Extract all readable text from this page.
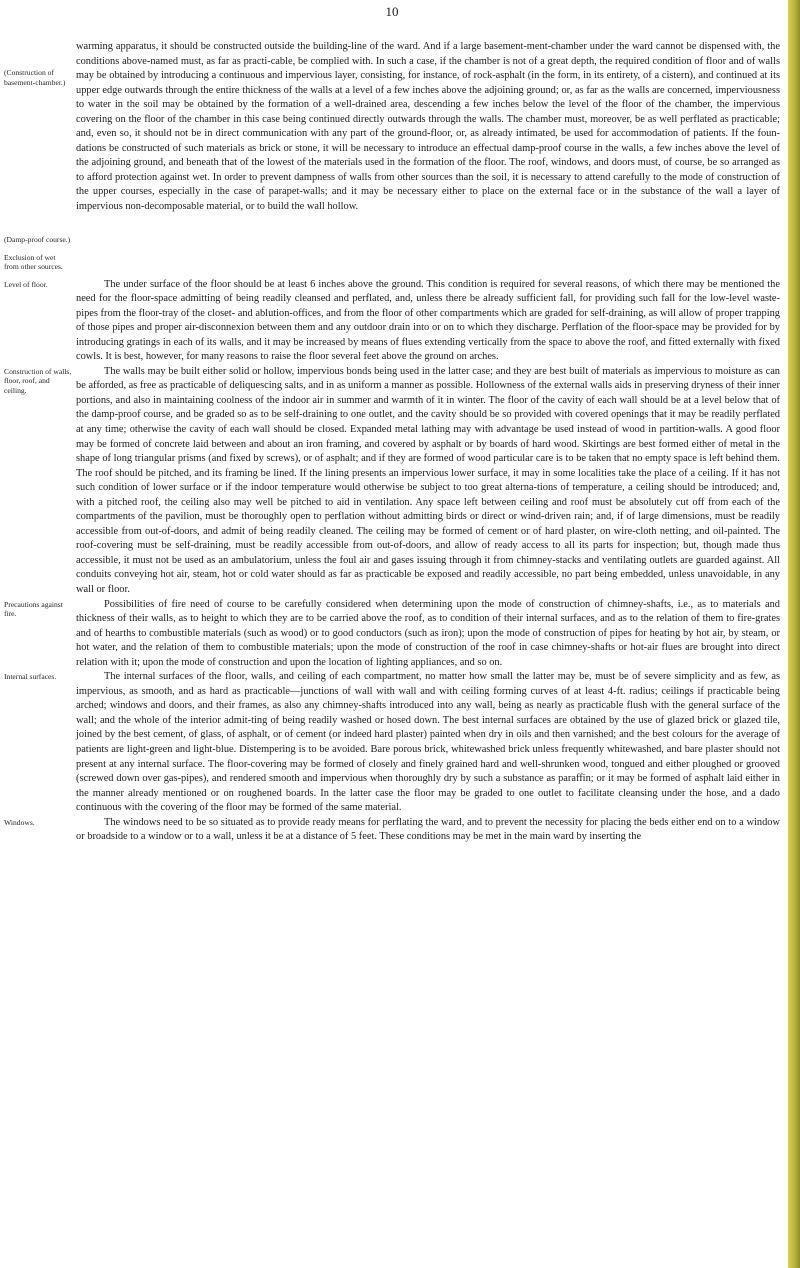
10
(Construction of basement-chamber.)
(Damp-proof course.)
Exclusion of wet from other sources.

warming apparatus, it should be constructed outside the building-line of the ward. And if a large basement-ment-chamber under the ward cannot be dispensed with, the conditions above-named must, as far as practi-cable, be complied with. In such a case, if the chamber is not of a great depth, the required condition of floor and of walls may be obtained by introducing a continuous and impervious layer, consisting, for instance, of rock-asphalt (in the form, in its entirety, of a cistern), and continued at its upper edge outwards through the entire thickness of the walls at a level of a few inches above the adjoining ground; or, as far as the walls are concerned, imperviousness to water in the soil may be obtained by the formation of a well-drained area, descending a few inches below the level of the floor of the chamber, the impervious covering on the floor of the chamber in this case being continued directly outwards through the walls. The chamber must, moreover, be as well perflated as practicable; and, even so, it should not be in direct communication with any part of the ground-floor, or, as already intimated, be used for accommodation of patients. If the foun-dations be constructed of such materials as brick or stone, it will be necessary to introduce an effectual damp-proof course in the walls, a few inches above the level of the adjoining ground, and beneath that of the lowest of the materials used in the formation of the floor. The roof, windows, and doors must, of course, be so arranged as to afford protection against wet. In order to prevent dampness of walls from other sources than the soil, it is necessary to attend carefully to the mode of construction of the upper courses, especially in the case of parapet-walls; and it may be necessary either to place on the external face or in the substance of the wall a layer of impervious non-decomposable material, or to build the wall hollow.

Level of floor.	The under surface of the floor should be at least 6 inches above the ground. This condition is required for several reasons, of which there may be mentioned the need for the floor-space admitting of being readily cleansed and perflated, and, unless there be already sufficient fall, for providing such fall for the low-level waste-pipes from the floor-tray of the closet- and ablution-offices, and from the floor of other compartments which are graded for self-draining, as will allow of proper trapping of those pipes and proper air-disconnexion between them and any outdoor drain into or on to which they discharge. Perflation of the floor-space may be provided for by introducing gratings in each of its walls, and it may be increased by means of flues extending vertically from the space to above the roof, and fitted externally with fixed cowls. It is best, however, for many reasons to raise the floor several feet above the ground on arches.

Construction of walls, floor, roof, and ceiling.

The walls may be built either solid or hollow, impervious bonds being used in the latter case; and they are best built of materials as impervious to moisture as can be afforded, as free as practicable of deliquescing salts, and in as uniform a manner as possible. Hollowness of the external walls aids in preserving dryness of their inner portions, and also in maintaining coolness of the indoor air in summer and warmth of it in winter. The floor of the cavity of each wall should be at a level below that of the damp-proof course, and be graded so as to be self-draining to one outlet, and the cavity should be so provided with covered openings that it may be readily perflated at any time; otherwise the cavity of each wall should be closed. Expanded metal lathing may with advantage be used instead of wood in partition-walls. A good floor may be formed of concrete laid between and about an iron framing, and covered by asphalt or by boards of hard wood. Skirtings are best formed either of metal in the shape of long triangular prisms (and fixed by screws), or of asphalt; and if they are formed of wood particular care is to be taken that no empty space is left behind them. The roof should be pitched, and its framing be lined. If the lining presents an impervious lower surface, it may in some localities take the place of a ceiling. If it has not such condition of lower surface or if the indoor temperature would otherwise be subject to too great alterna-tions of temperature, a ceiling should be introduced; and, with a pitched roof, the ceiling also may well be pitched to aid in ventilation. Any space left between ceiling and roof must be absolutely cut off from each of the compartments of the pavilion, must be thoroughly open to perflation without admitting birds or direct or wind-driven rain; and, if of large dimensions, must be readily accessible from out-of-doors, and admit of being readily cleaned. The ceiling may be formed of cement or of hard plaster, on wire-cloth netting, and oil-painted. The roof-covering must be self-draining, must be readily accessible from out-of-doors, and allow of ready access to all its parts for inspection; but, though made thus accessible, it must not be used as an ambulatorium, unless the foul air and gases issuing through it from chimney-stacks and ventilating outlets are guarded against. All conduits conveying hot air, steam, hot or cold water should as far as practicable be exposed and readily accessible, no part being embedded, unless unavoidable, in any wall or floor.

Precautions against fire.

Possibilities of fire need of course to be carefully considered when determining upon the mode of construction of chimney-shafts, i.e., as to materials and thickness of their walls, as to height to which they are to be carried above the roof, as to condition of their internal surfaces, and as to the relation of them to fire-grates and of hearths to combustible materials (such as wood) or to good conductors (such as iron); upon the mode of construction of pipes for heating by hot air, by steam, or hot water, and the relation of them to combustible materials; upon the mode of construction of the roof in case chimney-shafts or hot-air flues are brought into direct relation with it; upon the mode of construction and upon the location of lighting appliances, and so on.

Internal surfaces.	The internal surfaces of the floor, walls, and ceiling of each compartment, no matter how small the latter may be, must be of severe simplicity and as few, as impervious, as smooth, and as hard as practicable—junctions of wall with wall and with ceiling forming curves of at least 4-ft. radius; ceilings if practicable being arched; windows and doors, and their frames, as also any chimney-shafts introduced into any wall, being as nearly as practicable flush with the general surface of the wall; and the whole of the interior admit-ting of being readily washed or hosed down. The best internal surfaces are obtained by the use of glazed brick or glazed tile, joined by the best cement, of glass, of asphalt, or of cement (or indeed hard plaster) painted when dry in oils and then varnished; and the best colours for the average of patients are light-green and light-blue. Distempering is to be avoided. Bare porous brick, whitewashed brick unless frequently whitewashed, and bare plaster should not present at any internal surface. The floor-covering may be formed of closely and finely grained hard and well-shrunken wood, tongued and either ploughed or grooved (screwed down over gas-pipes), and rendered smooth and impervious when thoroughly dry by such a substance as paraffin; or it may be formed of asphalt laid either in the manner already mentioned or on roughened boards. In the latter case the floor may be graded to one outlet to facilitate cleansing under the hose, and a dado continuous with the covering of the floor may be formed of the same material.

Windows.	The windows need to be so situated as to provide ready means for perflating the ward, and to prevent the necessity for placing the beds either end on to a window or broadside to a window or to a wall, unless it be at a distance of 5 feet. These conditions may be met in the main ward by inserting the
